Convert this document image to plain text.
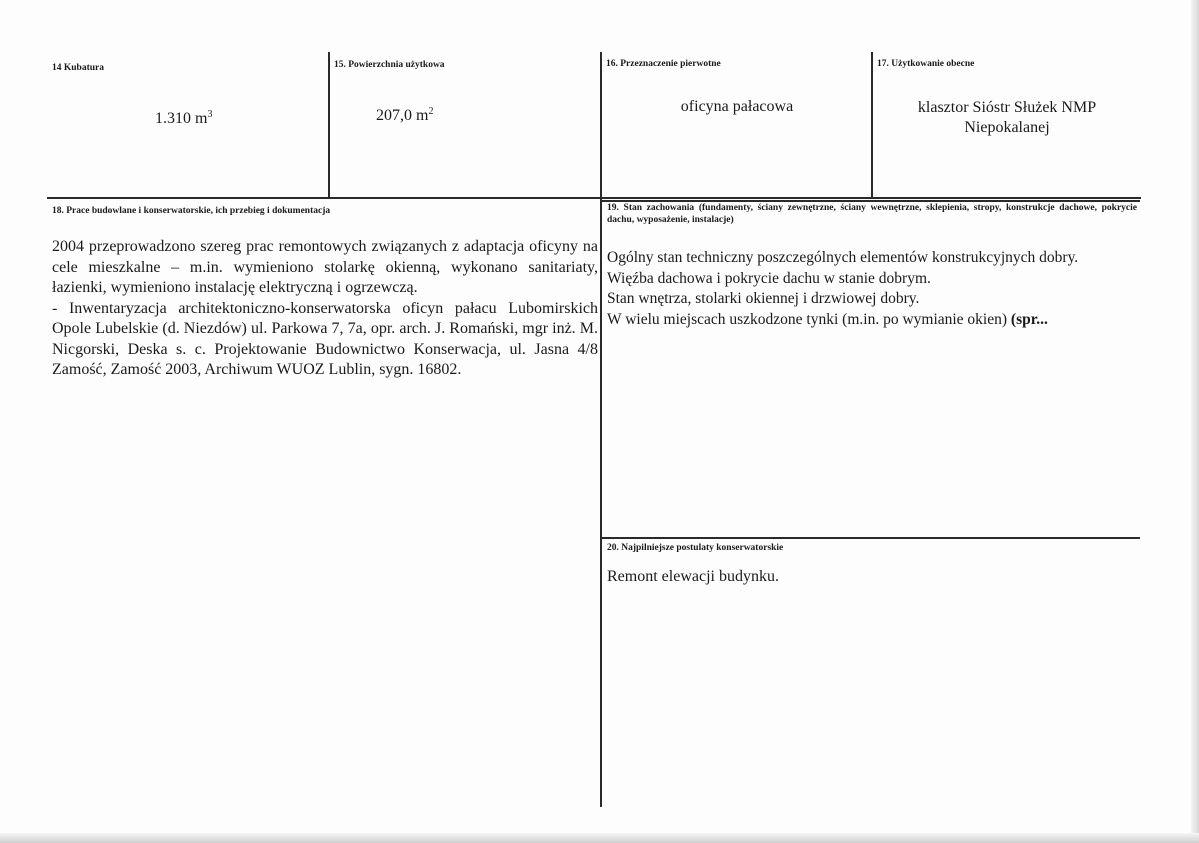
14 Kubatura
1.310 $m^3$
15. Powierzchnia użytkowa
207,0 $m^2$
16. Przeznaczenie pierwotne
oficyna pałacowa
17. Użytkowanie obecne
klasztor Sióstr Służek NMP
Niepokalanej
18. Prace budowlane i konserwatorskie, ich przebieg i dokumentacja

2004 przeprowadzono szereg prac remontowych związanych z adaptacja oficyny na cele mieszkalne – m.in. wymieniono stolarkę okienną, wykonano sanitariaty, łazienki, wymieniono instalację elektryczną i ogrzewczą.

- Inwentaryzacja architektoniczno-konserwatorska oficyn pałacu Lubomirskich Opole Lubelskie (d. Niezdów) ul. Parkowa 7, 7a, opr. arch. J. Romański, mgr inż. M. Nicgorski, Deska s. c. Projektowanie Budownictwo Konserwacja, ul. Jasna 4/8 Zamość, Zamość 2003, Archiwum WUOZ Lublin, sygn. 16802.

19. Stan zachowania (fundamenty, ściany zewnętrzne, ściany wewnętrzne, sklepienia, stropy, konstrukcje dachowe, pokrycie dachu, wyposażenie, instalacje)

Ogólny stan techniczny poszczególnych elementów konstrukcyjnych dobry.

Więźba dachowa i pokrycie dachu w stanie dobrym.

Stan wnętrza, stolarki okiennej i drzwiowej dobry.

W wielu miejscach uszkodzone tynki (m.in. po wymianie okien) (spr...

20. Najpilniejsze postulaty konserwatorskie
Remont elewacji budynku.
